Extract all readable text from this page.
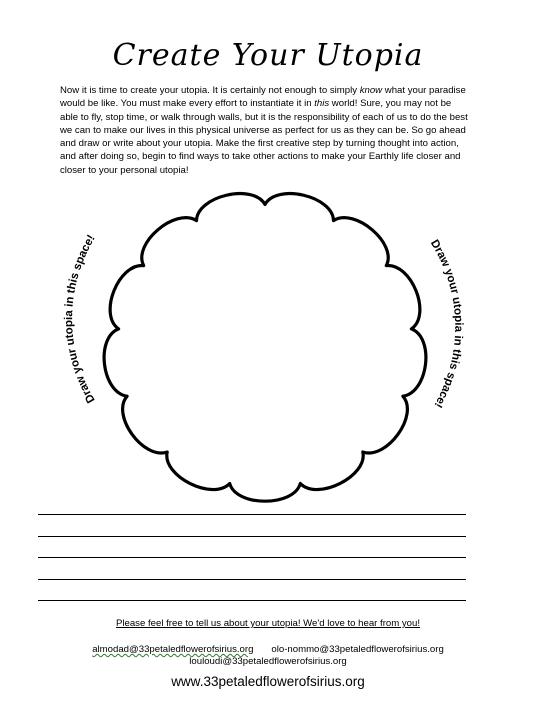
Create Your Utopia
Now it is time to create your utopia. It is certainly not enough to simply know what your paradise would be like. You must make every effort to instantiate it in this world! Sure, you may not be able to fly, stop time, or walk through walls, but it is the responsibility of each of us to do the best we can to make our lives in this physical universe as perfect for us as they can be. So go ahead and draw or write about your utopia. Make the first creative step by turning thought into action, and after doing so, begin to find ways to take other actions to make your Earthly life closer and closer to your personal utopia!
Draw your utopia in this space!
Draw your utopia in this space!
Please feel free to tell us about your utopia! We'd love to hear from you!
almodad@33petaledflowerofsirius.org olo-nommo@33petaledflowerofsirius.org
louloudi@33petaledflowerofsirius.org
www.33petaledflowerofsirius.org
